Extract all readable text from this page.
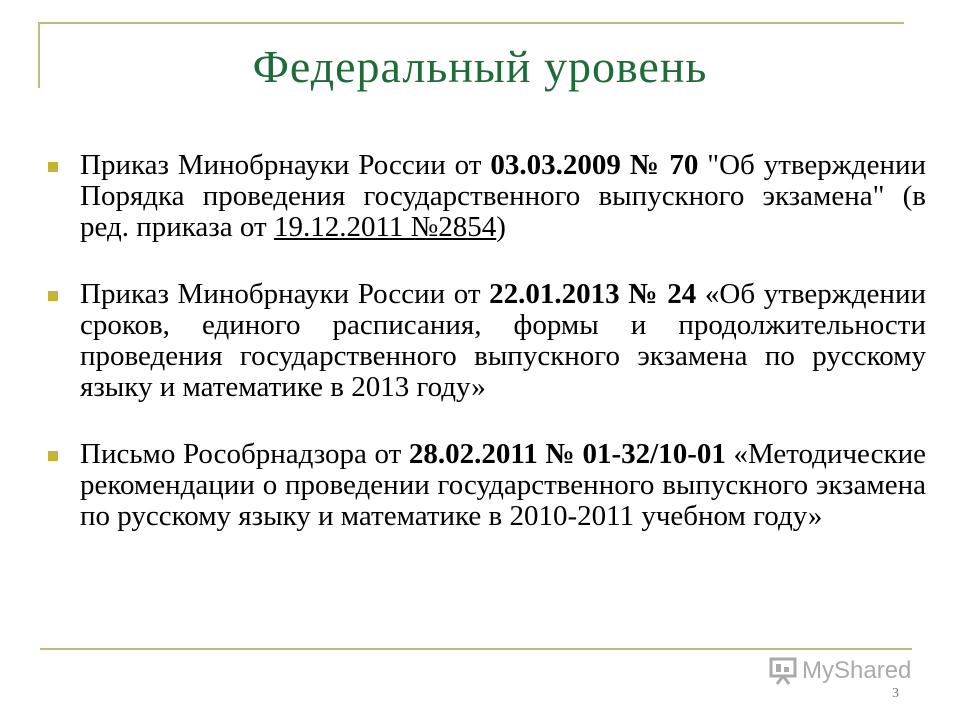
Федеральный уровень
Приказ Минобрнауки России от 03.03.2009 № 70 "Об утверждении Порядка проведения государственного выпускного экзамена" (в ред. приказа от 19.12.2011 №2854)
Приказ Минобрнауки России от 22.01.2013 № 24 «Об утверждении сроков, единого расписания, формы и продолжительности проведения государственного выпускного экзамена по русскому языку и математике в 2013 году»
Письмо Рособрнадзора от 28.02.2011 № 01-32/10-01 «Методические рекомендации о проведении государственного выпускного экзамена по русскому языку и математике в 2010-2011 учебном году»
MyShared
3
